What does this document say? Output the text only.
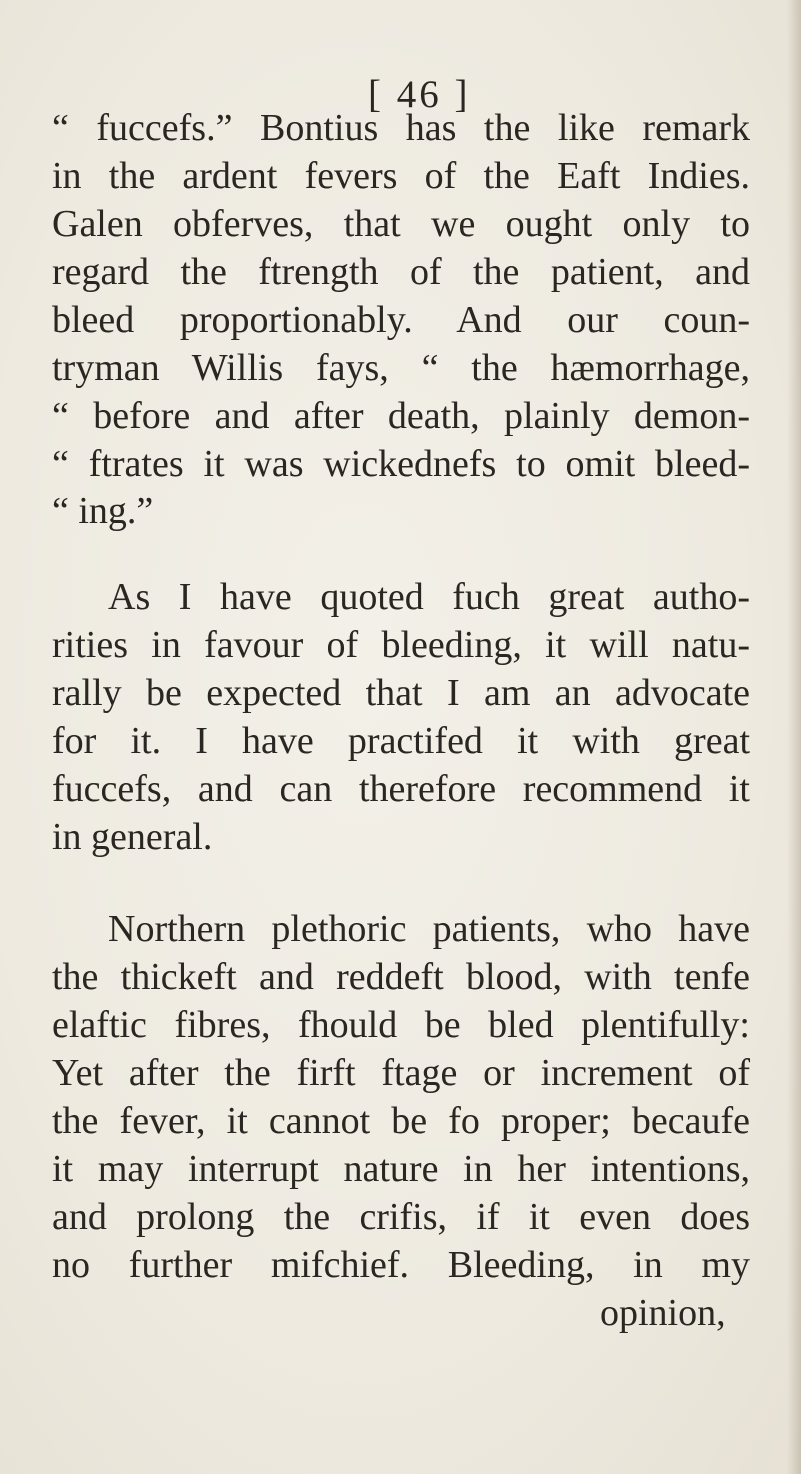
[ 46 ]
“ fuccefs.” Bontius has the like remark
in the ardent fevers of the Eaft Indies.
Galen obferves, that we ought only to
regard the ftrength of the patient, and
bleed proportionably. And our coun-
tryman Willis fays, “ the hæmorrhage,
“ before and after death, plainly demon-
“ ftrates it was wickednefs to omit bleed-
“ ing.”
As I have quoted fuch great autho-
rities in favour of bleeding, it will natu-
rally be expected that I am an advocate
for it. I have practifed it with great
fuccefs, and can therefore recommend it
in general.
Northern plethoric patients, who have
the thickeft and reddeft blood, with tenfe
elaftic fibres, fhould be bled plentifully:
Yet after the firft ftage or increment of
the fever, it cannot be fo proper; becaufe
it may interrupt nature in her intentions,
and prolong the crifis, if it even does
no further mifchief. Bleeding, in my
opinion,
